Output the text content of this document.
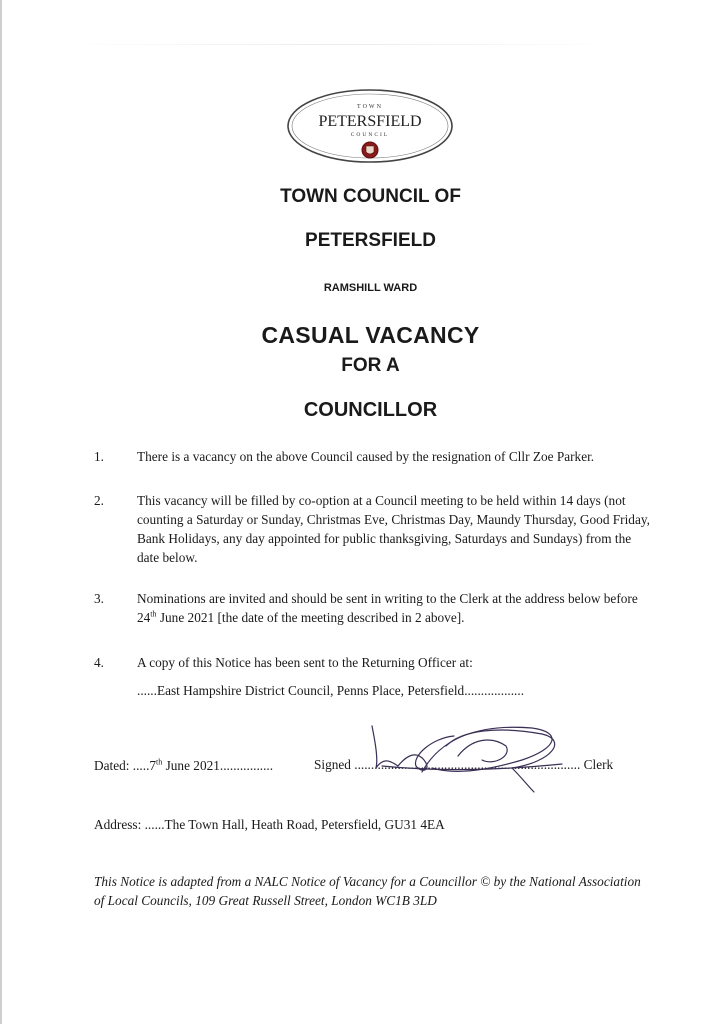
TOWN
PETERSFIELD
COUNCIL
TOWN COUNCIL OF
PETERSFIELD
RAMSHILL WARD
CASUAL VACANCY
FOR A
COUNCILLOR
1.	There is a vacancy on the above Council caused by the resignation of Cllr Zoe Parker.
2.	This vacancy will be filled by co-option at a Council meeting to be held within 14 days (not counting a Saturday or Sunday, Christmas Eve, Christmas Day, Maundy Thursday, Good Friday, Bank Holidays, any day appointed for public thanksgiving, Saturdays and Sundays) from the date below.
3.	Nominations are invited and should be sent in writing to the Clerk at the address below before 24th June 2021 [the date of the meeting described in 2 above].
4.	A copy of this Notice has been sent to the Returning Officer at:
......East Hampshire District Council, Penns Place, Petersfield..................
Dated: .....7th June 2021................	Signed .................................................................... Clerk
Address: ......The Town Hall, Heath Road, Petersfield, GU31 4EA
This Notice is adapted from a NALC Notice of Vacancy for a Councillor © by the National Association of Local Councils, 109 Great Russell Street, London WC1B 3LD
